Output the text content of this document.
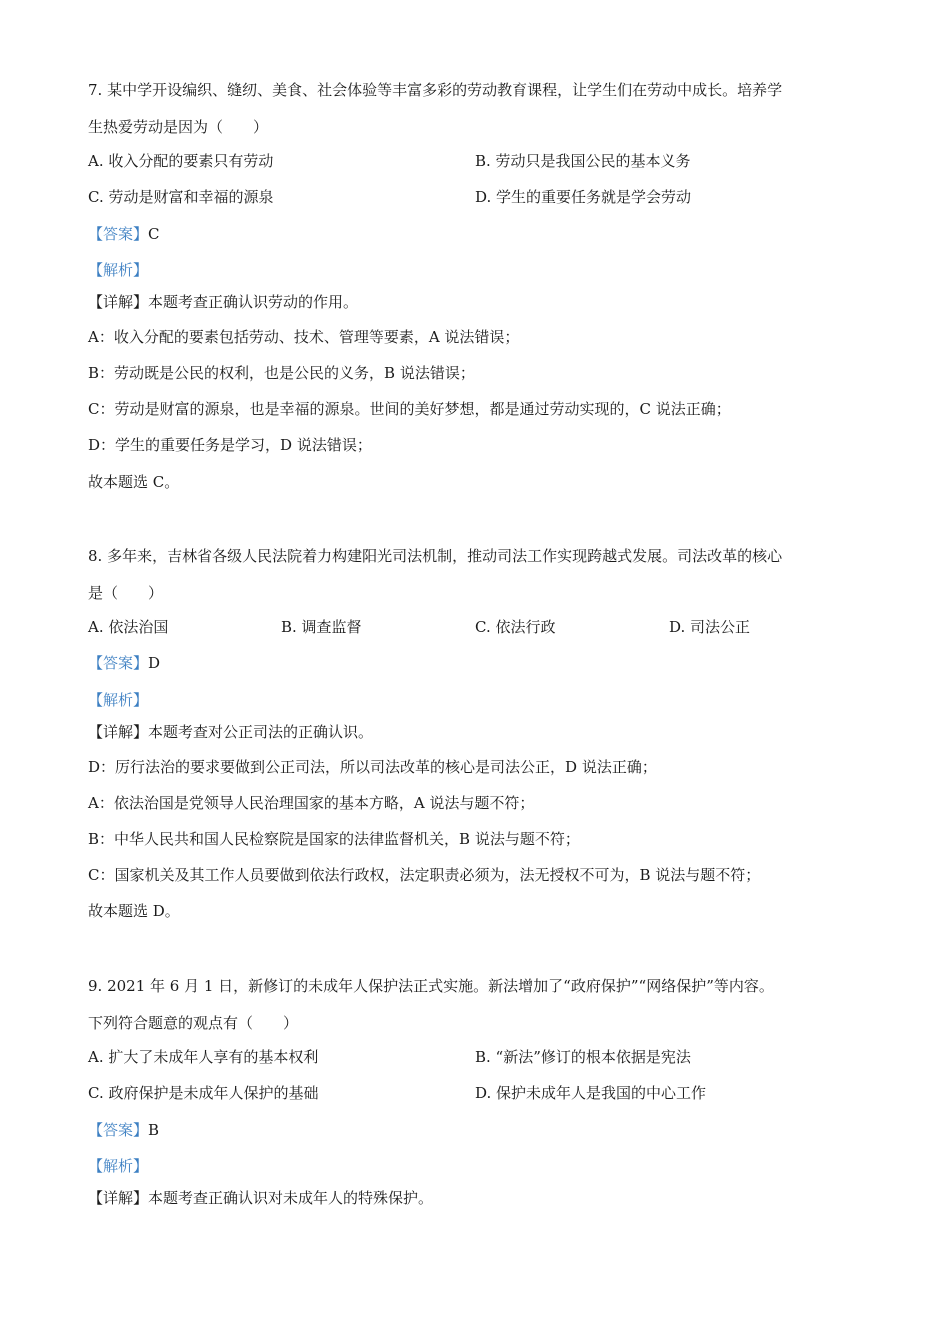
7. 某中学开设编织、缝纫、美食、社会体验等丰富多彩的劳动教育课程，让学生们在劳动中成长。培养学
生热爱劳动是因为（　　）
A. 收入分配的要素只有劳动	B. 劳动只是我国公民的基本义务
C. 劳动是财富和幸福的源泉	D. 学生的重要任务就是学会劳动
【答案】C
【解析】
【详解】本题考查正确认识劳动的作用。
A：收入分配的要素包括劳动、技术、管理等要素，A 说法错误；
B：劳动既是公民的权利，也是公民的义务，B 说法错误；
C：劳动是财富的源泉，也是幸福的源泉。世间的美好梦想，都是通过劳动实现的，C 说法正确；
D：学生的重要任务是学习，D 说法错误；
故本题选 C。
8. 多年来，吉林省各级人民法院着力构建阳光司法机制，推动司法工作实现跨越式发展。司法改革的核心
是（　　）
A. 依法治国	B. 调查监督	C. 依法行政	D. 司法公正
【答案】D
【解析】
【详解】本题考查对公正司法的正确认识。
D：厉行法治的要求要做到公正司法，所以司法改革的核心是司法公正，D 说法正确；
A：依法治国是党领导人民治理国家的基本方略，A 说法与题不符；
B：中华人民共和国人民检察院是国家的法律监督机关，B 说法与题不符；
C：国家机关及其工作人员要做到依法行政权，法定职责必须为，法无授权不可为，B 说法与题不符；
故本题选 D。
9. 2021 年 6 月 1 日，新修订的未成年人保护法正式实施。新法增加了“政府保护”“网络保护”等内容。
下列符合题意的观点有（　　）
A. 扩大了未成年人享有的基本权利	B. “新法”修订的根本依据是宪法
C. 政府保护是未成年人保护的基础	D. 保护未成年人是我国的中心工作
【答案】B
【解析】
【详解】本题考查正确认识对未成年人的特殊保护。
